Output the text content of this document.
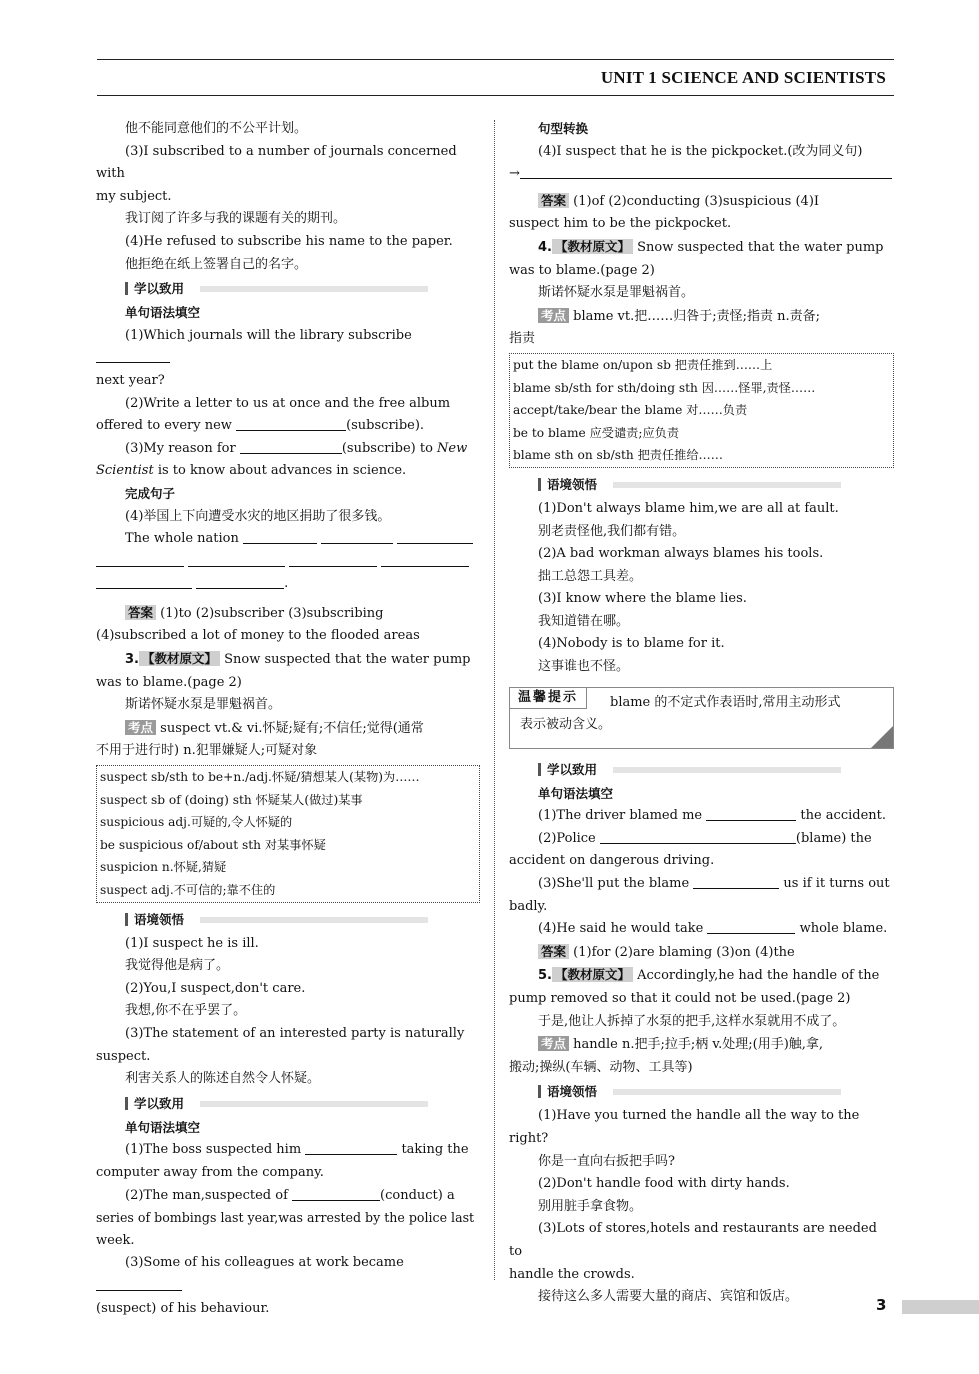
UNIT 1 SCIENCE AND SCIENTISTS

他不能同意他们的不公平计划。

(3)I subscribed to a number of journals concerned with

my subject.

我订阅了许多与我的课题有关的期刊。

(4)He refused to subscribe his name to the paper.

他拒绝在纸上签署自己的名字。

学以致用

单句语法填空

(1)Which journals will the library subscribe

next year?

(2)Write a letter to us at once and the free album

offered to every new	(subscribe).

(3)My reason for	(subscribe) to New Scientist is to know about advances in science.

完成句子

(4)举国上下向遭受水灾的地区捐助了很多钱。

The whole nation

.

答案 (1)to (2)subscriber (3)subscribing

(4)subscribed a lot of money to the flooded areas

3. 【教材原文】 Snow suspected that the water pump

was to blame.(page 2)

斯诺怀疑水泵是罪魁祸首。

考点 suspect vt.& vi.怀疑;疑有;不信任;觉得(通常

不用于进行时) n.犯罪嫌疑人;可疑对象

suspect sb/sth to be+n./adj.怀疑/猜想某人(某物)为……
suspect sb of (doing) sth 怀疑某人(做过)某事
suspicious adj.可疑的,令人怀疑的
be suspicious of/about sth 对某事怀疑
suspicion n.怀疑,猜疑
suspect adj.不可信的;靠不住的
语境领悟

(1)I suspect he is ill.

我觉得他是病了。

(2)You,I suspect,don't care.

我想,你不在乎罢了。

(3)The statement of an interested party is naturally

suspect.

利害关系人的陈述自然令人怀疑。

学以致用

单句语法填空

(1)The boss suspected him	taking the

computer away from the company.

(2)The man,suspected of	(conduct) a

series of bombings last year,was arrested by the police last

week.

(3)Some of his colleagues at work became

(suspect) of his behaviour.

句型转换

(4)I suspect that he is the pickpocket.(改为同义句)

→

答案 (1)of (2)conducting (3)suspicious (4)I

suspect him to be the pickpocket.

4. 【教材原文】 Snow suspected that the water pump

was to blame.(page 2)

斯诺怀疑水泵是罪魁祸首。

考点 blame vt.把……归咎于;责怪;指责 n.责备;

指责

put the blame on/upon sb 把责任推到……上
blame sb/sth for sth/doing sth 因……怪罪,责怪……
accept/take/bear the blame 对……负责
be to blame 应受谴责;应负责
blame sth on sb/sth 把责任推给……
语境领悟

(1)Don't always blame him,we are all at fault.

别老责怪他,我们都有错。

(2)A bad workman always blames his tools.

拙工总怨工具差。

(3)I know where the blame lies.

我知道错在哪。

(4)Nobody is to blame for it.

这事谁也不怪。

温馨提示	blame 的不定式作表语时,常用主动形式

表示被动含义。

学以致用

单句语法填空

(1)The driver blamed me	the accident.

(2)Police	(blame) the

accident on dangerous driving.

(3)She'll put the blame	us if it turns out

badly.

(4)He said he would take	whole blame.

答案 (1)for (2)are blaming (3)on (4)the

5. 【教材原文】 Accordingly,he had the handle of the

pump removed so that it could not be used.(page 2)

于是,他让人拆掉了水泵的把手,这样水泵就用不成了。

考点 handle n.把手;拉手;柄 v.处理;(用手)触,拿,

搬动;操纵(车辆、动物、工具等)

语境领悟

(1)Have you turned the handle all the way to the right?

你是一直向右扳把手吗?

(2)Don't handle food with dirty hands.

别用脏手拿食物。

(3)Lots of stores,hotels and restaurants are needed to

handle the crowds.

接待这么多人需要大量的商店、宾馆和饭店。	3
